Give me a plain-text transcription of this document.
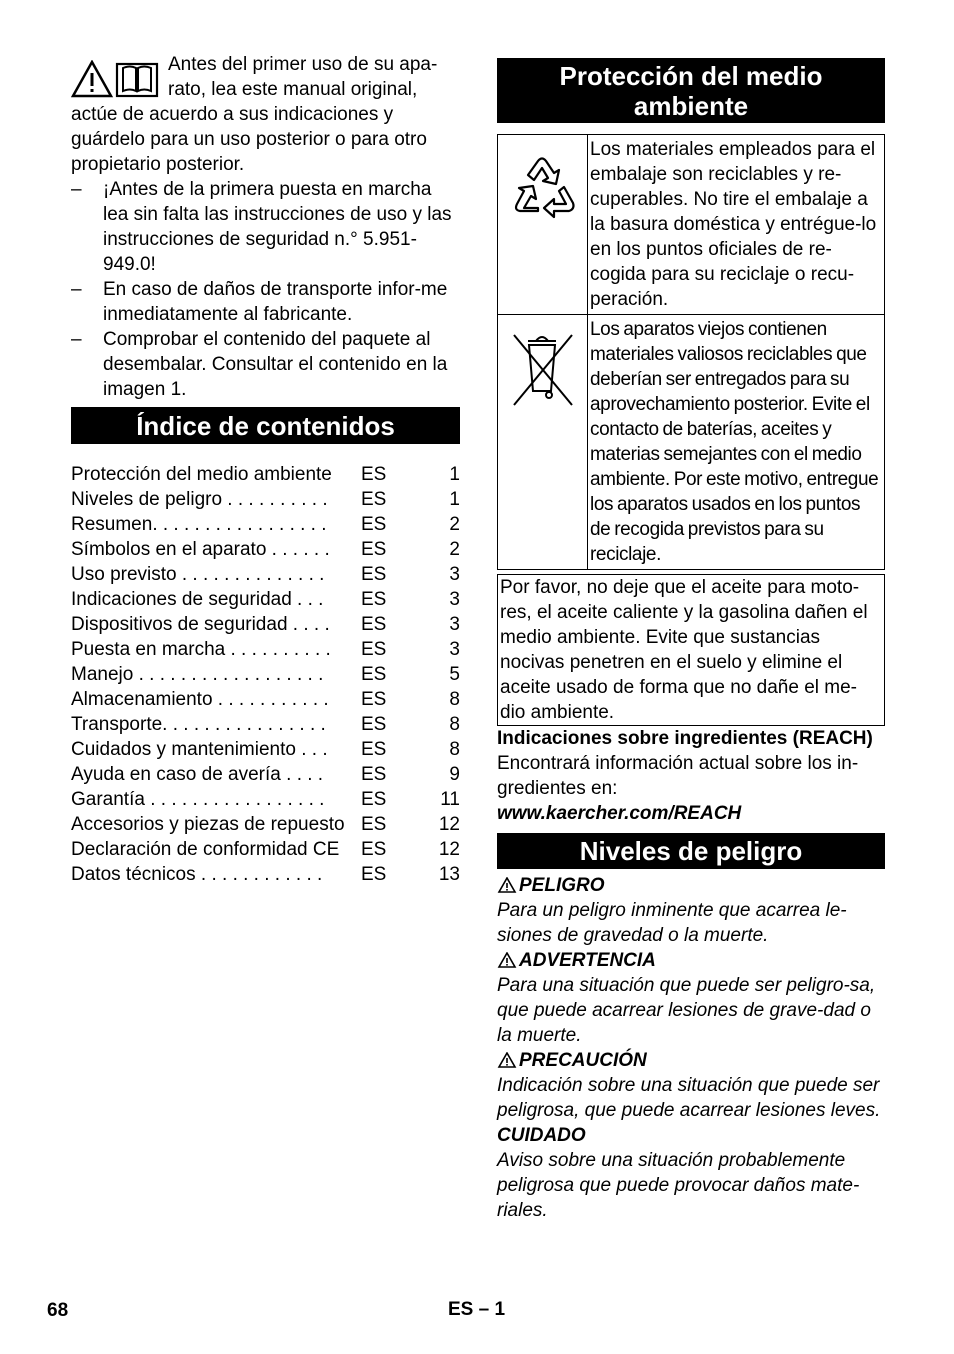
Antes del primer uso de su apa-
rato, lea este manual original,
actúe de acuerdo a sus indicaciones y
guárdelo para un uso posterior o para otro
propietario posterior.
– ¡Antes de la primera puesta en marcha lea sin falta las instrucciones de uso y las instrucciones de seguridad n.° 5.951-949.0!
– En caso de daños de transporte infor-me inmediatamente al fabricante.
– Comprobar el contenido del paquete al desembalar. Consultar el contenido en la imagen 1.
Índice de contenidos
Protección del medio ambiente	ES	1
Niveles de peligro . . . . . . . . . .	ES	1
Resumen. . . . . . . . . . . . . . . . .	ES	2
Símbolos en el aparato . . . . . .	ES	2
Uso previsto . . . . . . . . . . . . . .	ES	3
Indicaciones de seguridad . . .	ES	3
Dispositivos de seguridad . . . .	ES	3
Puesta en marcha . . . . . . . . . .	ES	3
Manejo . . . . . . . . . . . . . . . . . .	ES	5
Almacenamiento . . . . . . . . . . .	ES	8
Transporte. . . . . . . . . . . . . . . .	ES	8
Cuidados y mantenimiento . . .	ES	8
Ayuda en caso de avería . . . .	ES	9
Garantía . . . . . . . . . . . . . . . . .	ES	11
Accesorios y piezas de repuesto ES	12
Declaración de conformidad CE	ES	12
Datos técnicos . . . . . . . . . . . .	ES	13
Protección del medio
ambiente
Los materiales empleados para el embalaje son reciclables y re-cuperables. No tire el embalaje a la basura doméstica y entrégue-lo en los puntos oficiales de re-cogida para su reciclaje o recu-peración.
Los aparatos viejos contienen materiales valiosos reciclables que deberían ser entregados para su aprovechamiento posterior. Evite el contacto de baterías, aceites y materias semejantes con el medio ambiente. Por este motivo, entregue los aparatos usados en los puntos de recogida previstos para su reciclaje.
Por favor, no deje que el aceite para moto-res, el aceite caliente y la gasolina dañen el medio ambiente. Evite que sustancias nocivas penetren en el suelo y elimine el aceite usado de forma que no dañe el me-dio ambiente.
Indicaciones sobre ingredientes (REACH)
Encontrará información actual sobre los in-gredientes en:
www.kaercher.com/REACH
Niveles de peligro
PELIGRO
Para un peligro inminente que acarrea le-siones de gravedad o la muerte.
ADVERTENCIA
Para una situación que puede ser peligro-sa, que puede acarrear lesiones de grave-dad o la muerte.
PRECAUCIÓN
Indicación sobre una situación que puede ser peligrosa, que puede acarrear lesiones leves.
CUIDADO
Aviso sobre una situación probablemente peligrosa que puede provocar daños mate-riales.
68	ES – 1
